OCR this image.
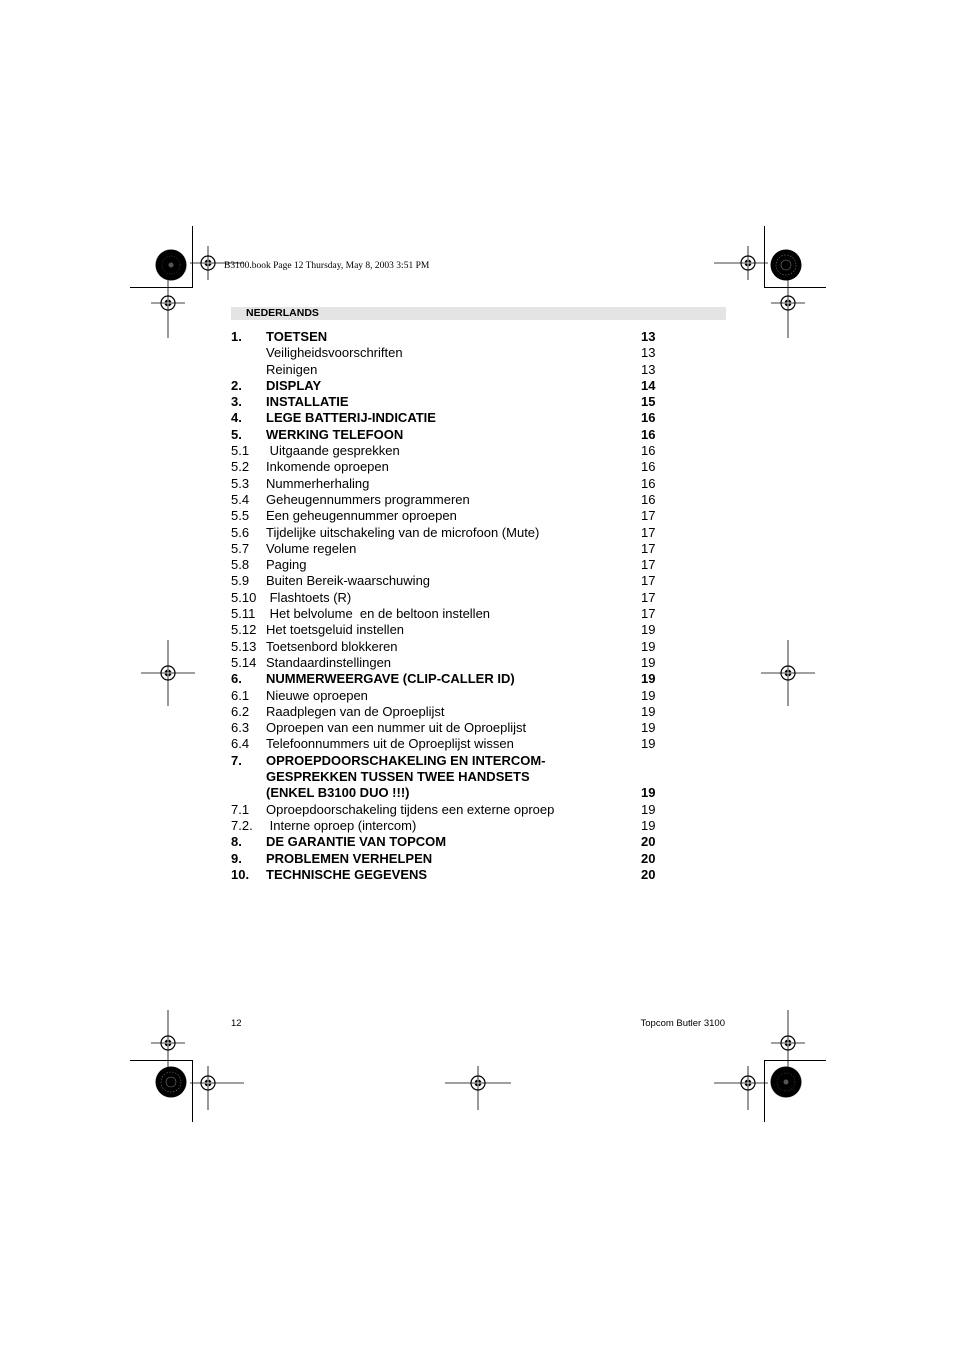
B3100.book Page 12 Thursday, May 8, 2003 3:51 PM
NEDERLANDS
1. TOETSEN	13
Veiligheidsvoorschriften	13
Reinigen	13
2. DISPLAY	14
3. INSTALLATIE	15
4. LEGE BATTERIJ-INDICATIE	16
5. WERKING TELEFOON	16
5.1 Uitgaande gesprekken	16
5.2 Inkomende oproepen	16
5.3 Nummerherhaling	16
5.4 Geheugennummers programmeren	16
5.5 Een geheugennummer oproepen	17
5.6 Tijdelijke uitschakeling van de microfoon (Mute)	17
5.7 Volume regelen	17
5.8 Paging	17
5.9 Buiten Bereik-waarschuwing	17
5.10 Flashtoets (R)	17
5.11 Het belvolume  en de beltoon instellen	17
5.12 Het toetsgeluid instellen	19
5.13 Toetsenbord blokkeren	19
5.14 Standaardinstellingen	19
6. NUMMERWEERGAVE (CLIP-CALLER ID)	19
6.1 Nieuwe oproepen	19
6.2 Raadplegen van de Oproeplijst	19
6.3 Oproepen van een nummer uit de Oproeplijst	19
6.4 Telefoonnummers uit de Oproeplijst wissen	19
7. OPROEPDOORSCHAKELING EN INTERCOM-
GESPREKKEN TUSSEN TWEE HANDSETS
(ENKEL B3100 DUO !!!)	19
7.1 Oproepdoorschakeling tijdens een externe oproep	19
7.2. Interne oproep (intercom)	19
8. DE GARANTIE VAN TOPCOM	20
9. PROBLEMEN VERHELPEN	20
10. TECHNISCHE GEGEVENS	20
12	Topcom Butler 3100
